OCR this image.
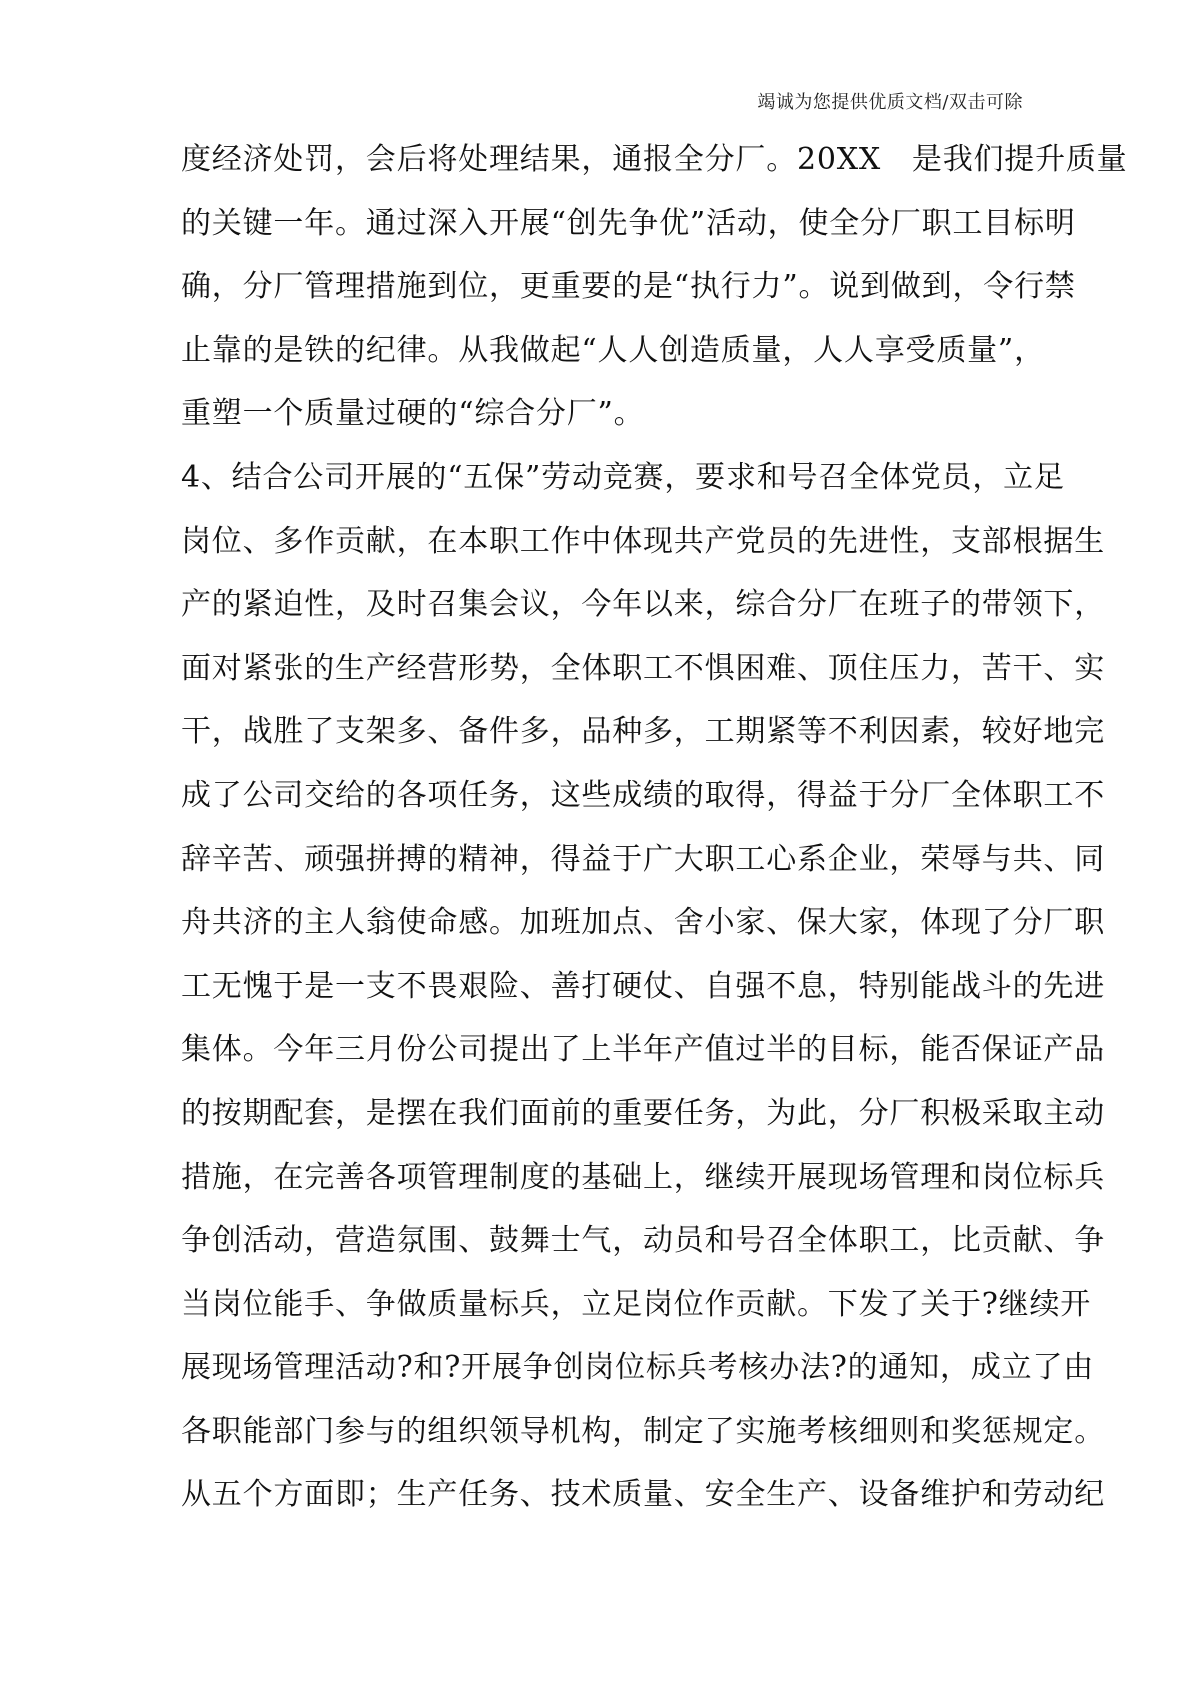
竭诚为您提供优质文档/双击可除
度经济处罚，会后将处理结果，通报全分厂。20XX　是我们提升质量
的关键一年。通过深入开展“创先争优”活动，使全分厂职工目标明
确，分厂管理措施到位，更重要的是“执行力”。说到做到，令行禁
止靠的是铁的纪律。从我做起“人人创造质量，人人享受质量”，
重塑一个质量过硬的“综合分厂”。
4、结合公司开展的“五保”劳动竞赛，要求和号召全体党员，立足
岗位、多作贡献，在本职工作中体现共产党员的先进性，支部根据生
产的紧迫性，及时召集会议，今年以来，综合分厂在班子的带领下，
面对紧张的生产经营形势，全体职工不惧困难、顶住压力，苦干、实
干，战胜了支架多、备件多，品种多，工期紧等不利因素，较好地完
成了公司交给的各项任务，这些成绩的取得，得益于分厂全体职工不
辞辛苦、顽强拼搏的精神，得益于广大职工心系企业，荣辱与共、同
舟共济的主人翁使命感。加班加点、舍小家、保大家，体现了分厂职
工无愧于是一支不畏艰险、善打硬仗、自强不息，特别能战斗的先进
集体。今年三月份公司提出了上半年产值过半的目标，能否保证产品
的按期配套，是摆在我们面前的重要任务，为此，分厂积极采取主动
措施，在完善各项管理制度的基础上，继续开展现场管理和岗位标兵
争创活动，营造氛围、鼓舞士气，动员和号召全体职工，比贡献、争
当岗位能手、争做质量标兵，立足岗位作贡献。下发了关于?继续开
展现场管理活动?和?开展争创岗位标兵考核办法?的通知，成立了由
各职能部门参与的组织领导机构，制定了实施考核细则和奖惩规定。
从五个方面即；生产任务、技术质量、安全生产、设备维护和劳动纪
